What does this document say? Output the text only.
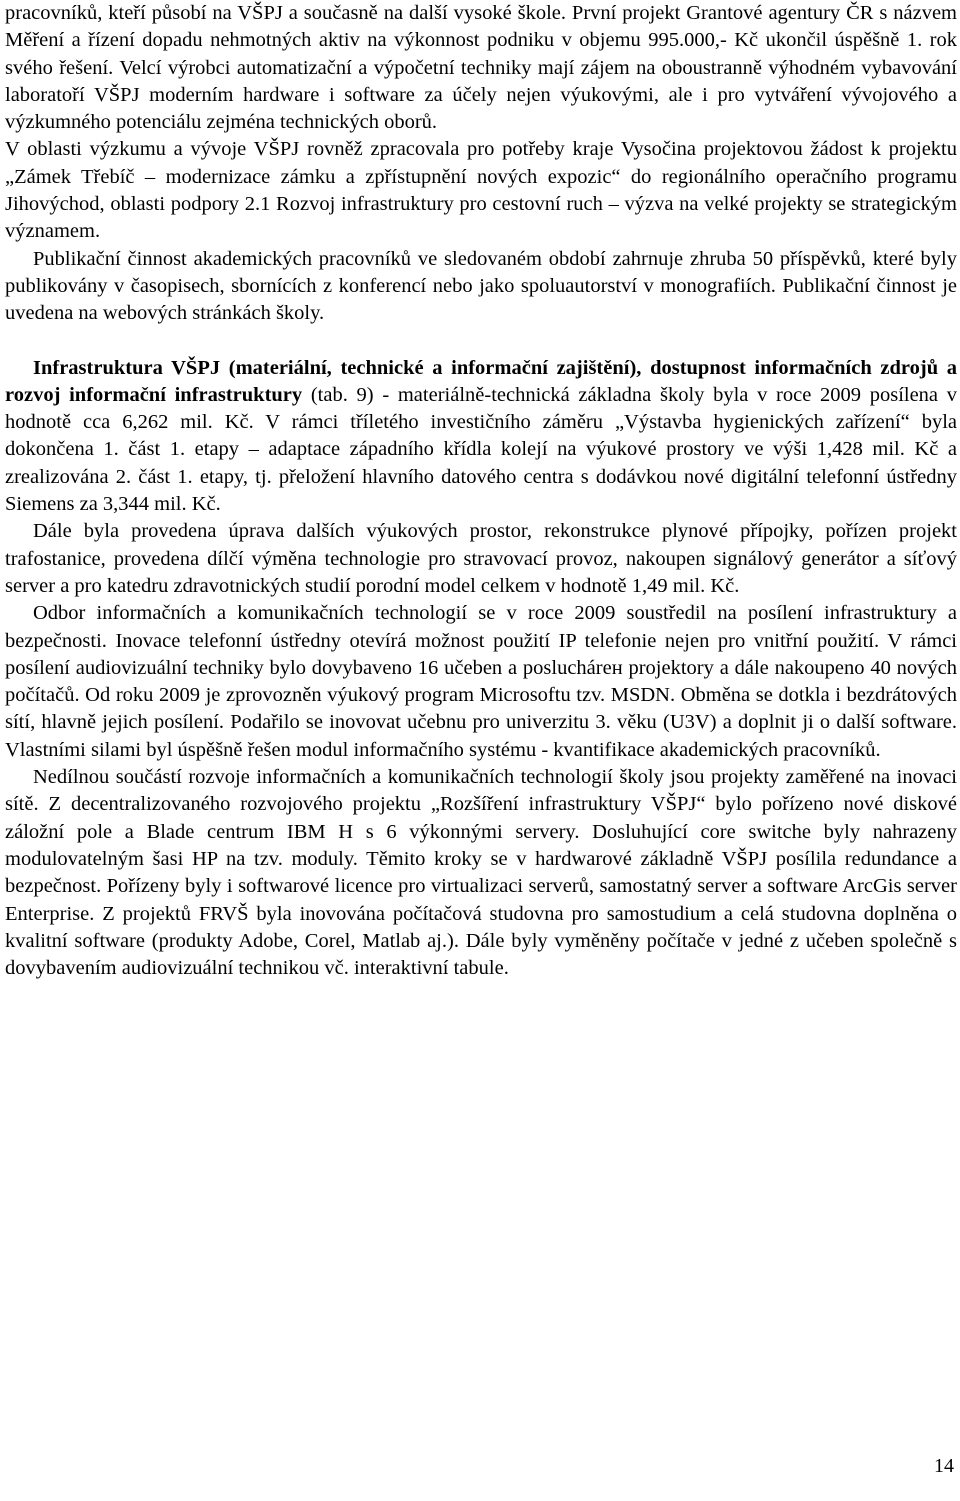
pracovníků, kteří působí na VŠPJ a současně na další vysoké škole. První projekt Grantové agentury ČR s názvem Měření a řízení dopadu nehmotných aktiv na výkonnost podniku v objemu 995.000,- Kč ukončil úspěšně 1. rok svého řešení. Velcí výrobci automatizační a výpočetní techniky mají zájem na oboustranně výhodném vybavování laboratoří VŠPJ moderním hardware i software za účely nejen výukovými, ale i pro vytváření vývojového a výzkumného potenciálu zejména technických oborů.

V oblasti výzkumu a vývoje VŠPJ rovněž zpracovala pro potřeby kraje Vysočina projektovou žádost k projektu „Zámek Třebíč – modernizace zámku a zpřístupnění nových expozic“ do regionálního operačního programu Jihovýchod, oblasti podpory 2.1 Rozvoj infrastruktury pro cestovní ruch – výzva na velké projekty se strategickým významem.

Publikační činnost akademických pracovníků ve sledovaném období zahrnuje zhruba 50 příspěvků, které byly publikovány v časopisech, sbornících z konferencí nebo jako spoluautorství v monografiích. Publikační činnost je uvedena na webových stránkách školy.

Infrastruktura VŠPJ (materiální, technické a informační zajištění), dostupnost informačních zdrojů a rozvoj informační infrastruktury (tab. 9) - materiálně-technická základna školy byla v roce 2009 posílena v hodnotě cca 6,262 mil. Kč. V rámci tříletého investičního záměru „Výstavba hygienických zařízení“ byla dokončena 1. část 1. etapy – adaptace západního křídla kolejí na výukové prostory ve výši 1,428 mil. Kč a zrealizována 2. část 1. etapy, tj. přeložení hlavního datového centra s dodávkou nové digitální telefonní ústředny Siemens za 3,344 mil. Kč.

Dále byla provedena úprava dalších výukových prostor, rekonstrukce plynové přípojky, pořízen projekt trafostanice, provedena dílčí výměna technologie pro stravovací provoz, nakoupen signálový generátor a síťový server a pro katedru zdravotnických studií porodní model celkem v hodnotě 1,49 mil. Kč.

Odbor informačních a komunikačních technologií se v roce 2009 soustředil na posílení infrastruktury a bezpečnosti. Inovace telefonní ústředny otevírá možnost použití IP telefonie nejen pro vnitřní použití. V rámci posílení audiovizuální techniky bylo dovybaveno 16 učeben a posluchárен projektory a dále nakoupeno 40 nových počítačů. Od roku 2009 je zprovozněn výukový program Microsoftu tzv. MSDN. Obměna se dotkla i bezdrátových sítí, hlavně jejich posílení. Podařilo se inovovat učebnu pro univerzitu 3. věku (U3V) a doplnit ji o další software. Vlastními silami byl úspěšně řešen modul informačního systému - kvantifikace akademických pracovníků.

Nedílnou součástí rozvoje informačních a komunikačních technologií školy jsou projekty zaměřené na inovaci sítě. Z decentralizovaného rozvojového projektu „Rozšíření infrastruktury VŠPJ“ bylo pořízeno nové diskové záložní pole a Blade centrum IBM H s 6 výkonnými servery. Dosluhující core switche byly nahrazeny modulovatelným šasi HP na tzv. moduly. Těmito kroky se v hardwarové základně VŠPJ posílila redundance a bezpečnost. Pořízeny byly i softwarové licence pro virtualizaci serverů, samostatný server a software ArcGis server Enterprise. Z projektů FRVŠ byla inovována počítačová studovna pro samostudium a celá studovna doplněna o kvalitní software (produkty Adobe, Corel, Matlab aj.). Dále byly vyměněny počítače v jedné z učeben společně s dovybavením audiovizuální technikou vč. interaktivní tabule.

14
